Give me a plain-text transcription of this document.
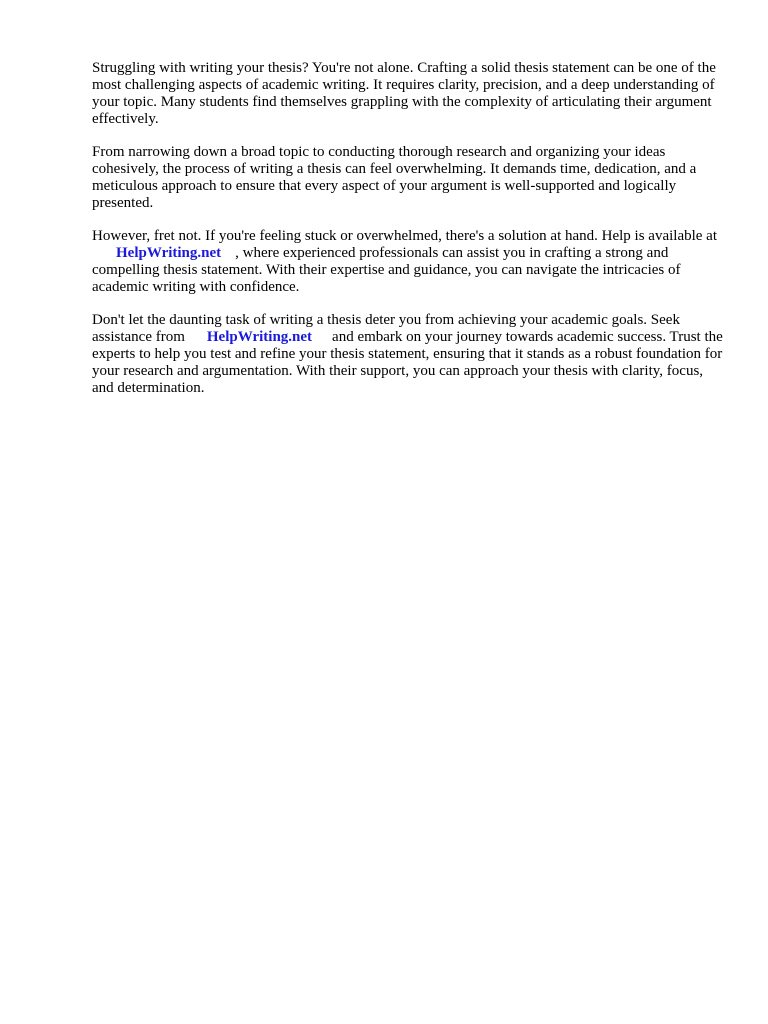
Struggling with writing your thesis? You're not alone. Crafting a solid thesis statement can be one of the most challenging aspects of academic writing. It requires clarity, precision, and a deep understanding of your topic. Many students find themselves grappling with the complexity of articulating their argument effectively.

From narrowing down a broad topic to conducting thorough research and organizing your ideas cohesively, the process of writing a thesis can feel overwhelming. It demands time, dedication, and a meticulous approach to ensure that every aspect of your argument is well-supported and logically presented.

However, fret not. If you're feeling stuck or overwhelmed, there's a solution at hand. Help is available atHelpWriting.net , where experienced professionals can assist you in crafting a strong and compelling thesis statement. With their expertise and guidance, you can navigate the intricacies of academic writing with confidence.

Don't let the daunting task of writing a thesis deter you from achieving your academic goals. Seek assistance from HelpWriting.net and embark on your journey towards academic success. Trust the experts to help you test and refine your thesis statement, ensuring that it stands as a robust foundation for your research and argumentation. With their support, you can approach your thesis with clarity, focus, and determination.
